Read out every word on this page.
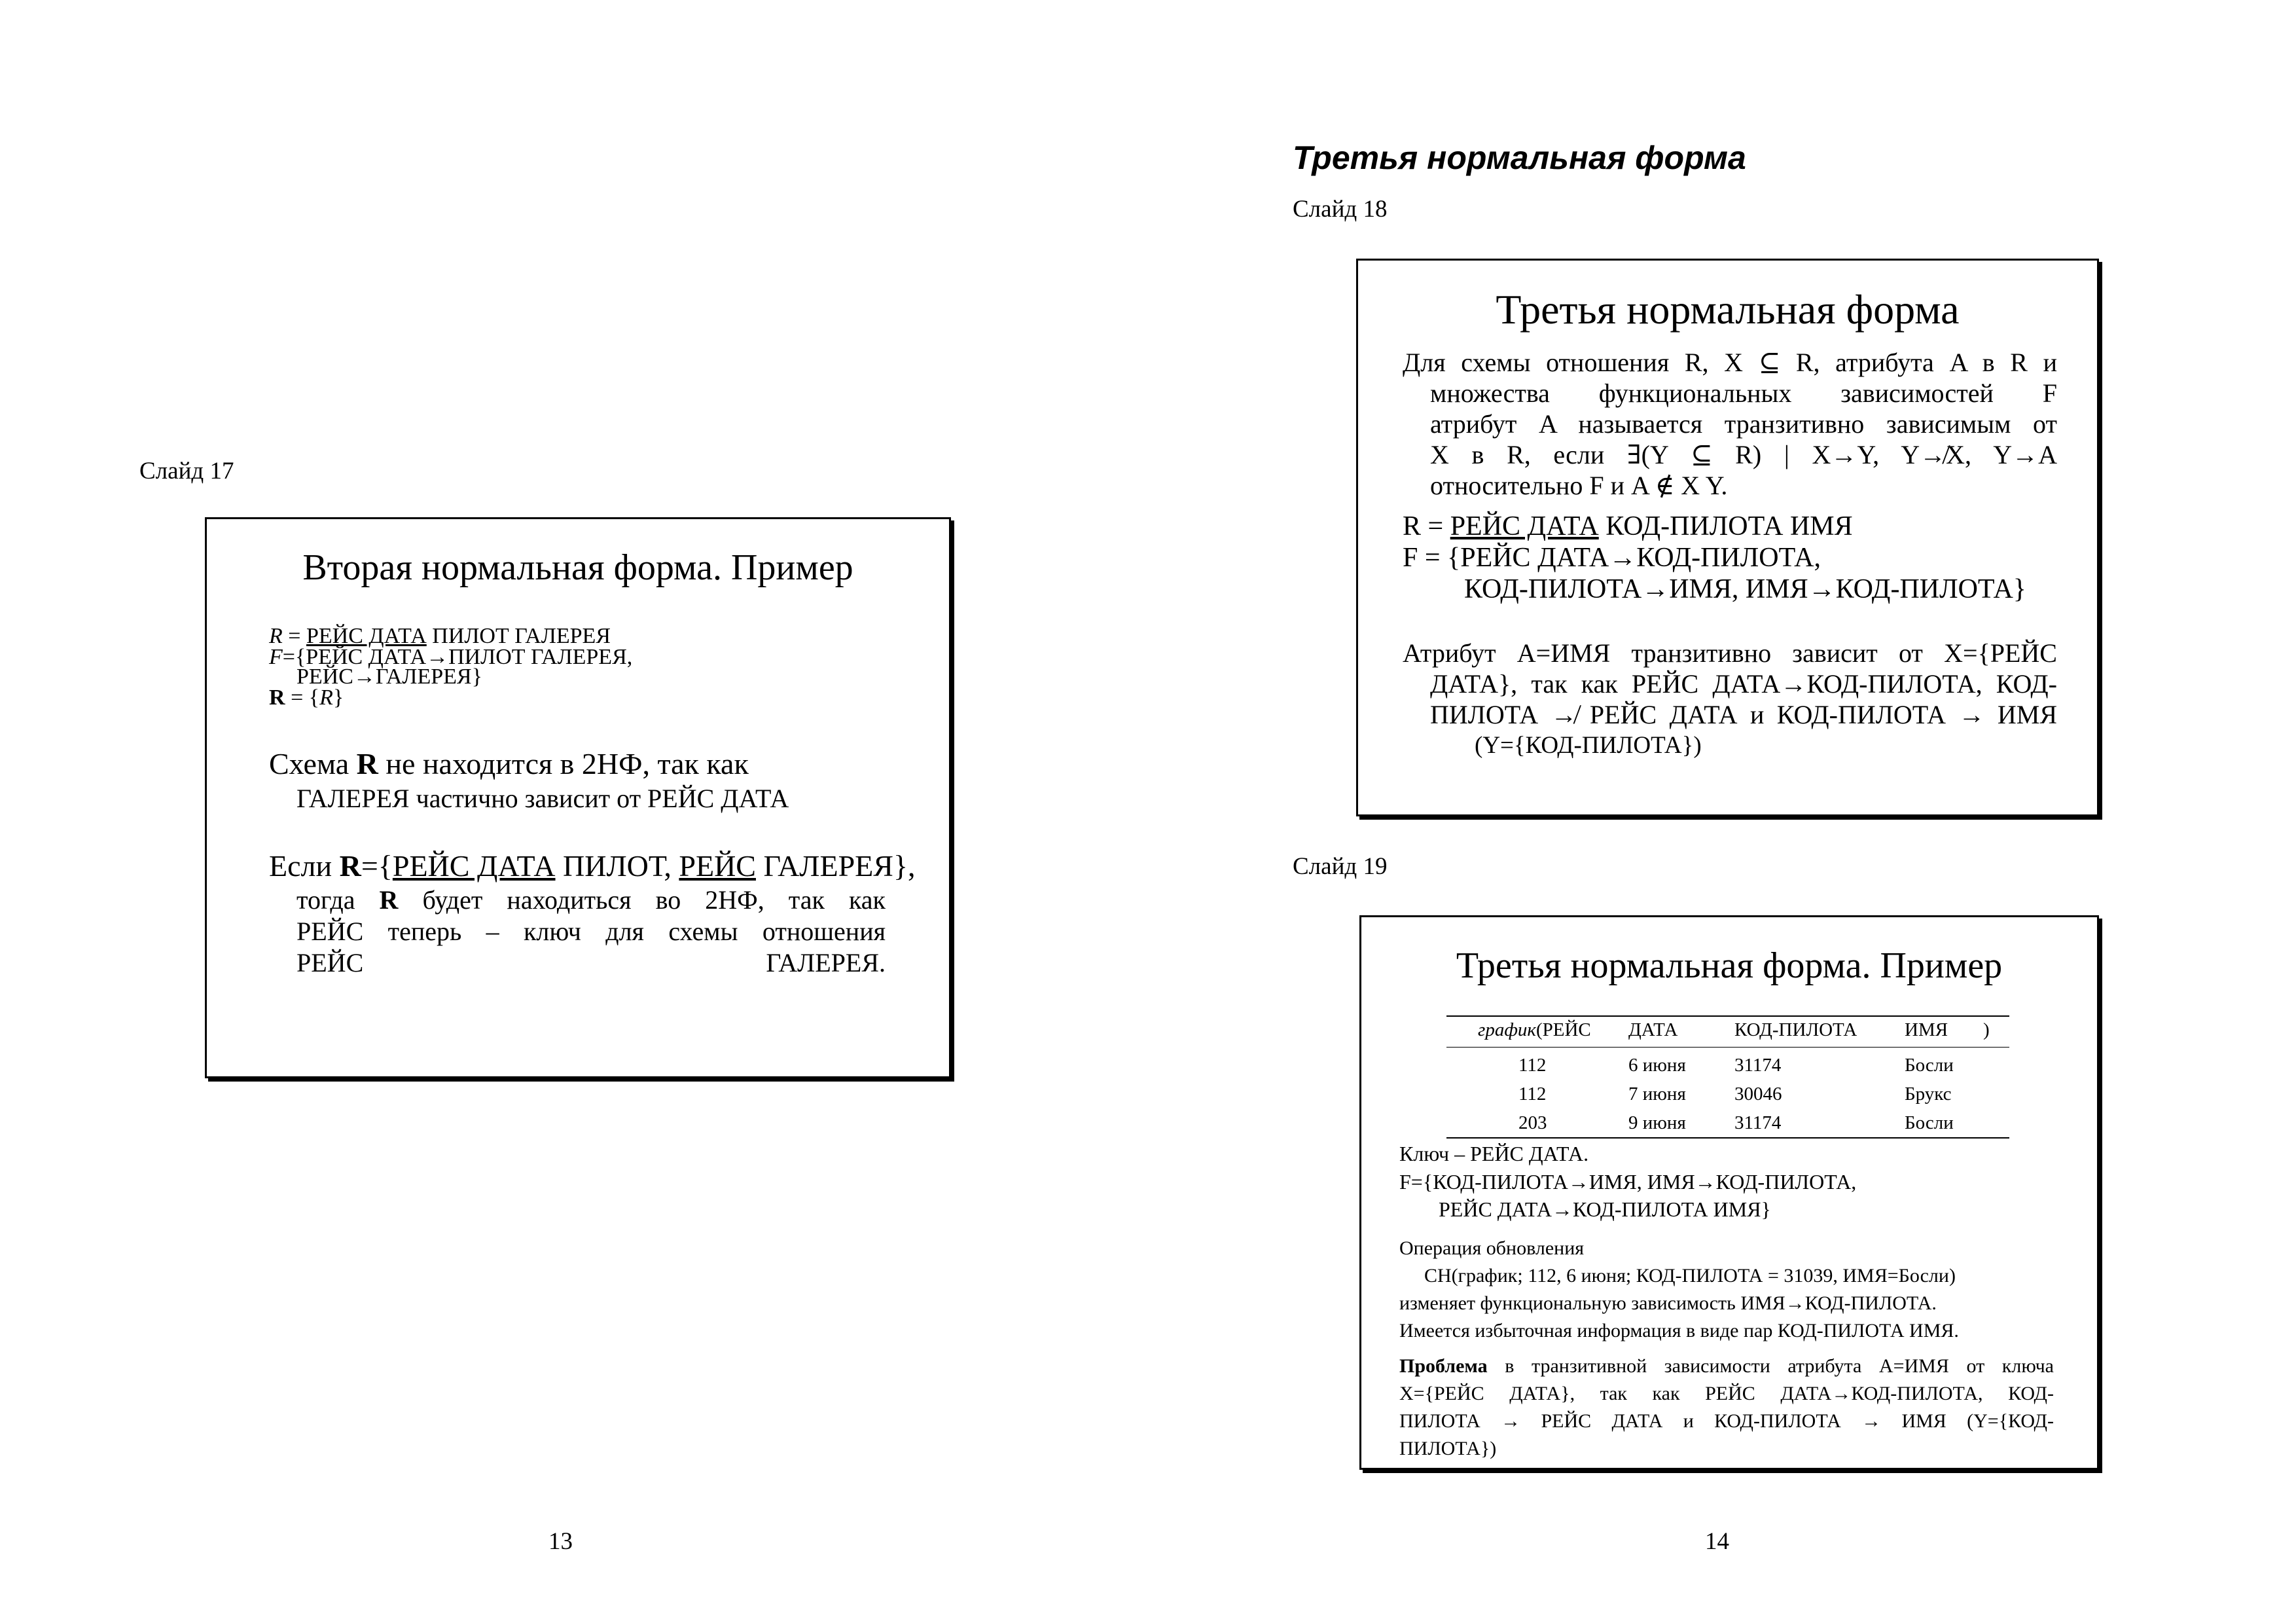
Слайд 17
Вторая нормальная форма. Пример
R = РЕЙС ДАТА ПИЛОТ ГАЛЕРЕЯ
F={РЕЙС ДАТА→ПИЛОТ ГАЛЕРЕЯ,
РЕЙС→ГАЛЕРЕЯ}
R = {R}
Схема R не находится в 2НФ, так как
ГАЛЕРЕЯ частично зависит от РЕЙС ДАТА
Если R={РЕЙС ДАТА ПИЛОТ, РЕЙС ГАЛЕРЕЯ},
тогда R будет находиться во 2НФ, так как
РЕЙС теперь – ключ для схемы отношения
РЕЙС ГАЛЕРЕЯ.
13
Третья нормальная форма
Слайд 18
Третья нормальная форма
Для схемы отношения R, X ⊆ R, атрибута A в R и
множества функциональных зависимостей F
атрибут A называется транзитивно зависимым от
X в R, если ∃(Y ⊆ R) | X→Y, Y↛X, Y→A
относительно F и A ∉ X Y.
R = РЕЙС ДАТА КОД-ПИЛОТА ИМЯ
F = {РЕЙС ДАТА→КОД-ПИЛОТА,
КОД-ПИЛОТА→ИМЯ, ИМЯ→КОД-ПИЛОТА}
Атрибут A=ИМЯ транзитивно зависит от X={РЕЙС
ДАТА}, так как РЕЙС ДАТА→КОД-ПИЛОТА, КОД-
ПИЛОТА ↛ РЕЙС ДАТА и КОД-ПИЛОТА → ИМЯ
(Y={КОД-ПИЛОТА})
Слайд 19
Третья нормальная форма. Пример
график(РЕЙС ДАТА	КОД-ПИЛОТА	ИМЯ )
112
112
203
6 июня
7 июня
9 июня
31174
30046
31174
Босли
Брукс
Босли
Ключ – РЕЙС ДАТА.
F={КОД-ПИЛОТА→ИМЯ, ИМЯ→КОД-ПИЛОТА,
РЕЙС ДАТА→КОД-ПИЛОТА ИМЯ}
Операция обновления
СН(график; 112, 6 июня; КОД-ПИЛОТА = 31039, ИМЯ=Босли)
изменяет функциональную зависимость ИМЯ→КОД-ПИЛОТА.
Имеется избыточная информация в виде пар КОД-ПИЛОТА ИМЯ.
Проблема в транзитивной зависимости атрибута A=ИМЯ от ключа
X={РЕЙС ДАТА}, так как РЕЙС ДАТА→КОД-ПИЛОТА, КОД-
ПИЛОТА → РЕЙС ДАТА и КОД-ПИЛОТА → ИМЯ (Y={КОД-
ПИЛОТА})
14
